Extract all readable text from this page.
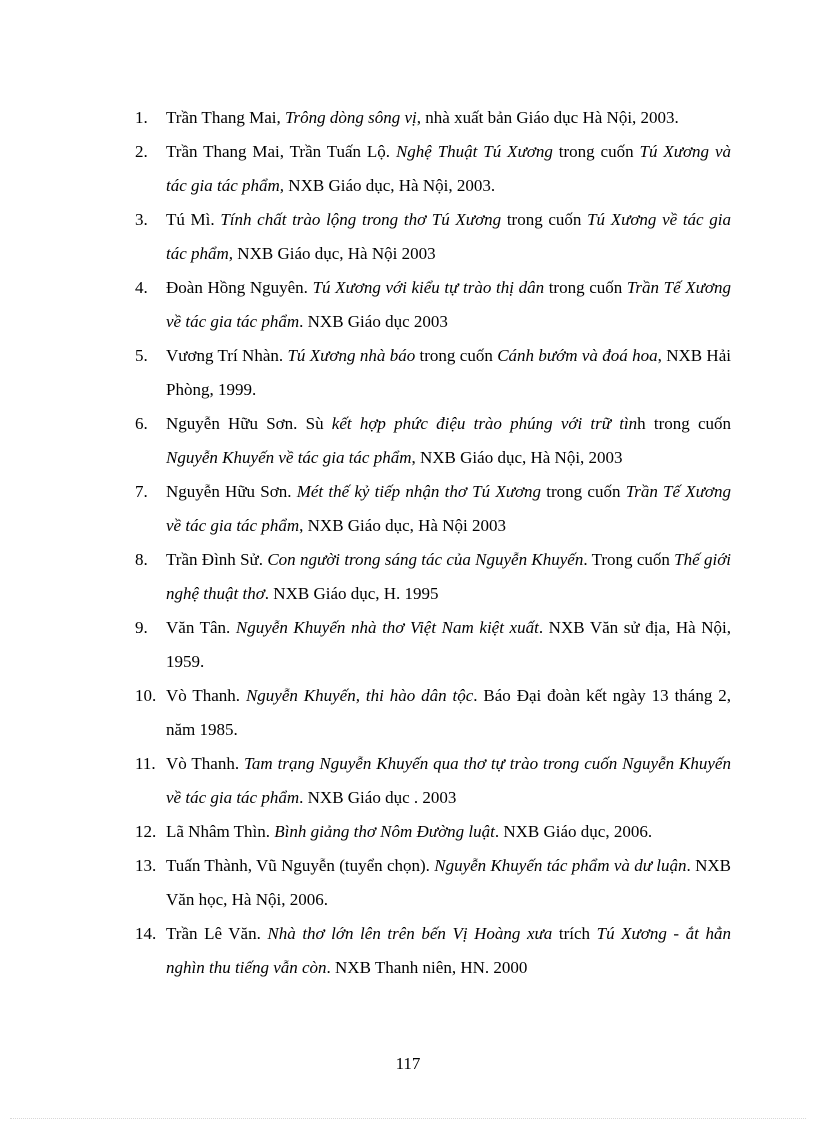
1.	Trần Thang Mai, Trông dòng sông vị, nhà xuất bản Giáo dục Hà Nội, 2003.
2.	Trần Thang Mai, Trần Tuấn Lộ. Nghệ Thuật Tú Xương trong cuốn Tú Xương và tác gia tác phẩm, NXB Giáo dục, Hà Nội, 2003.
3.	Tú Mì. Tính chất trào lộng trong thơ Tú Xương trong cuốn Tú Xương về tác gia tác phẩm, NXB Giáo dục, Hà Nội 2003
4.	Đoàn Hồng Nguyên. Tú Xương với kiểu tự trào thị dân trong cuốn Trần Tế Xương về tác gia tác phẩm. NXB Giáo dục 2003
5.	Vương Trí Nhàn. Tú Xương nhà báo trong cuốn Cánh bướm và đoá hoa, NXB Hải Phòng, 1999.
6.	Nguyễn Hữu Sơn. Sù kết hợp phức điệu trào phúng với trữ tình trong cuốn Nguyễn Khuyến về tác gia tác phẩm, NXB Giáo dục, Hà Nội, 2003
7.	Nguyễn Hữu Sơn. Mét thế kỷ tiếp nhận thơ Tú Xương trong cuốn Trần Tế Xương về tác gia tác phẩm, NXB Giáo dục, Hà Nội 2003
8.	Trần Đình Sử. Con người trong sáng tác của Nguyễn Khuyến. Trong cuốn Thế giới nghệ thuật thơ. NXB Giáo dục, H. 1995
9.	Văn Tân. Nguyễn Khuyến nhà thơ Việt Nam kiệt xuất. NXB Văn sử địa, Hà Nội, 1959.
10. Vò Thanh. Nguyễn Khuyến, thi hào dân tộc. Báo Đại đoàn kết ngày 13 tháng 2, năm 1985.
11. Vò Thanh. Tam trạng Nguyễn Khuyến qua thơ tự trào trong cuốn Nguyễn Khuyến về tác gia tác phẩm. NXB Giáo dục . 2003
12. Lã Nhâm Thìn. Bình giảng thơ Nôm Đường luật. NXB Giáo dục, 2006.
13. Tuấn Thành, Vũ Nguyễn (tuyển chọn). Nguyễn Khuyến tác phẩm và dư luận. NXB Văn học, Hà Nội, 2006.
14. Trần Lê Văn. Nhà thơ lớn lên trên bến Vị Hoàng xưa trích Tú Xương - ắt hẳn nghìn thu tiếng vẫn còn. NXB Thanh niên, HN. 2000
117
